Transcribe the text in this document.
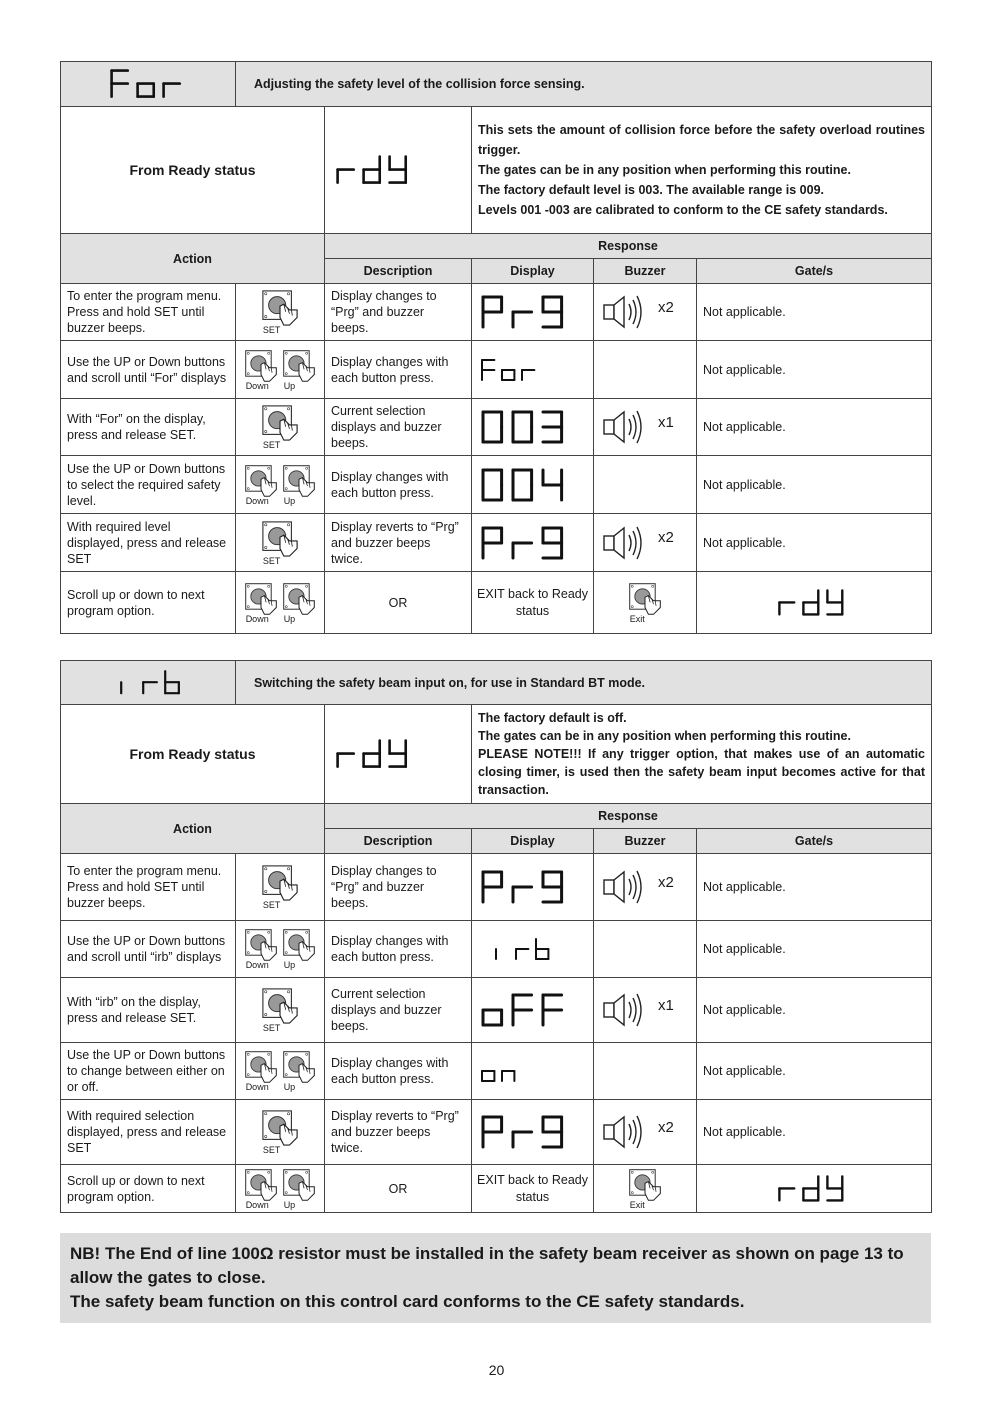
	Adjusting the safety level of the collision force sensing.				
From Ready status			This sets the amount of collision force before the safety overload routines trigger.
The gates can be in any position when performing this routine.
The factory default level is 003. The available range is 009.
Levels 001 -003 are calibrated to conform to the CE safety standards.		

Action		Response			
		Description	Display	Buzzer	Gate/s
To enter the program menu. Press and hold SET until buzzer beeps.	SET	Display changes to “Prg” and buzzer beeps.		x2	Not applicable.
Use the UP or Down buttons and scroll until “For” displays	Down Up	Display changes with each button press.			Not applicable.
With “For” on the display, press and release SET.	SET	Current selection displays and buzzer beeps.		x1	Not applicable.
Use the UP or Down buttons to select the required safety level.	Down Up	Display changes with each button press.			Not applicable.
With required level displayed, press and release SET	SET	Display reverts to “Prg” and buzzer beeps twice.		x2	Not applicable.
Scroll up or down to next program option.	Down Up	OR	EXIT back to Ready status	Exit

	Switching the safety beam input on, for use in Standard BT mode.				
From Ready status			The factory default is off.
The gates can be in any position when performing this routine.
PLEASE NOTE!!! If any trigger option, that makes use of an automatic closing timer, is used then the safety beam input becomes active for that transaction.		

Action		Response			
		Description	Display	Buzzer	Gate/s
To enter the program menu. Press and hold SET until buzzer beeps.	SET	Display changes to “Prg” and buzzer beeps.		x2	Not applicable.
Use the UP or Down buttons and scroll until “irb” displays	Down Up	Display changes with each button press.			Not applicable.
With “irb” on the display, press and release SET.	SET	Current selection displays and buzzer beeps.		x1	Not applicable.
Use the UP or Down buttons to change between either on or off.	Down Up	Display changes with each button press.			Not applicable.
With required selection displayed, press and release SET	SET	Display reverts to “Prg” and buzzer beeps twice.		x2	Not applicable.
Scroll up or down to next program option.	Down Up	OR	EXIT back to Ready status	Exit

NB! The End of line 100Ω resistor must be installed in the safety beam receiver as shown on page 13 to allow the gates to close.
The safety beam function on this control card conforms to the CE safety standards.
20
